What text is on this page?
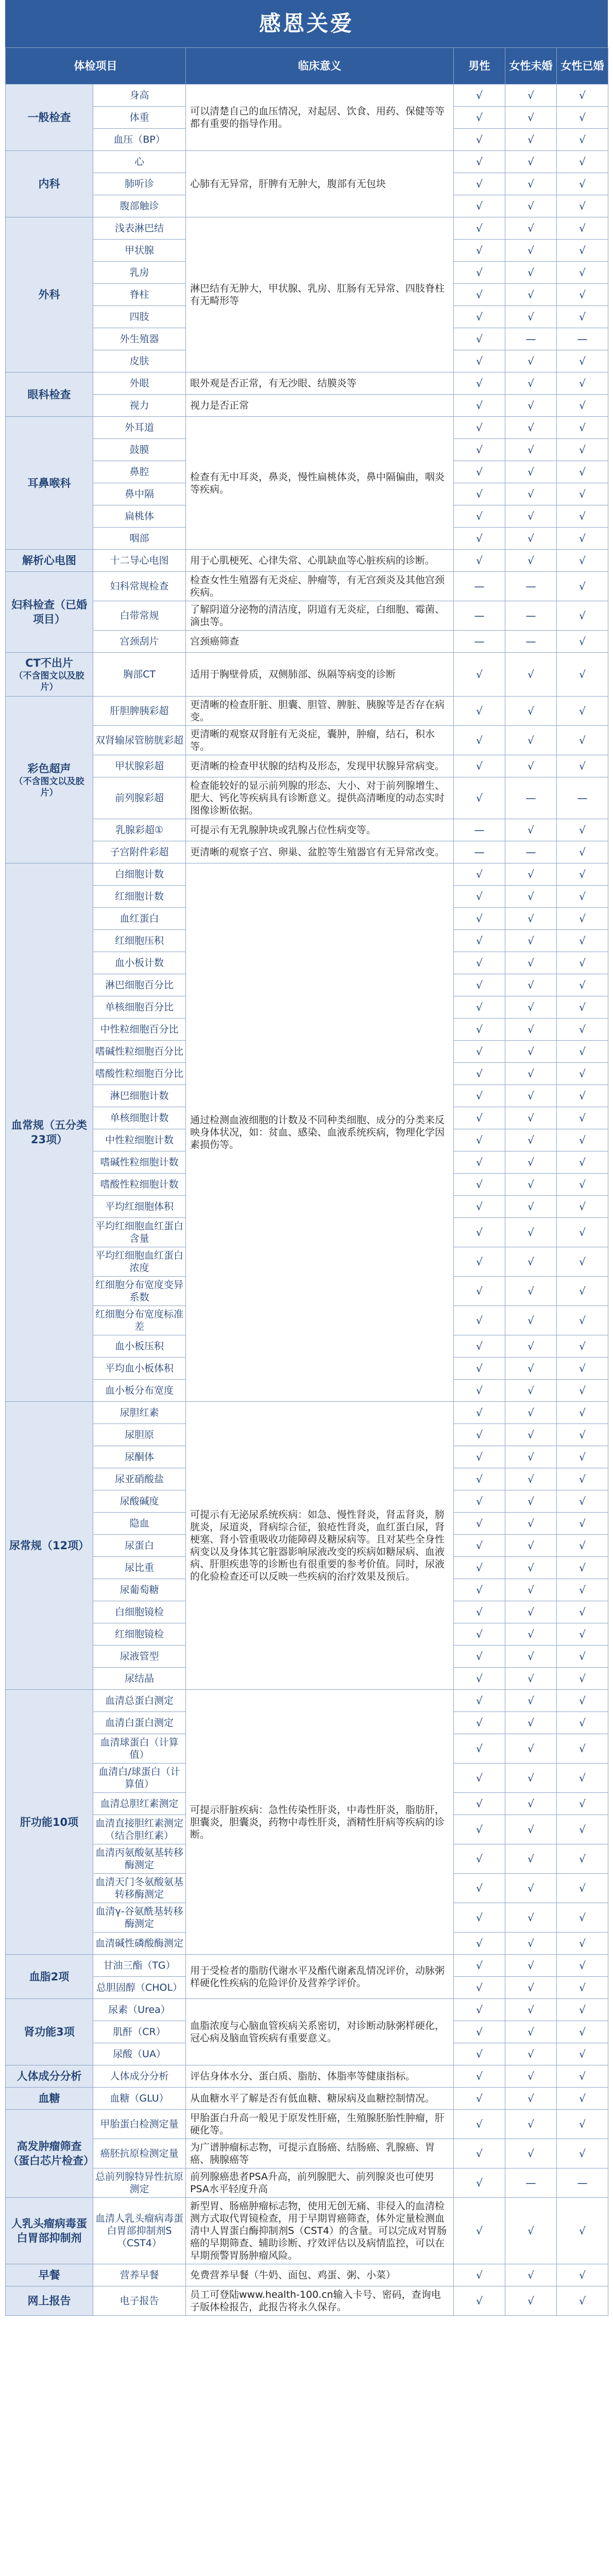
感恩关爱
体检项目		临床意义	男性	女性未婚	女性已婚
一般检查	身高	可以清楚自己的血压情况，对起居、饮食、用药、保健等等都有重要的指导作用。	√	√	√
	体重		√	√	√
	血压（BP）		√	√	√
内科	心	心肺有无异常，肝脾有无肿大，腹部有无包块	√	√	√
	肺听诊		√	√	√
	腹部触诊		√	√	√
外科	浅表淋巴结	淋巴结有无肿大，甲状腺、乳房、肛肠有无异常、四肢脊柱有无畸形等	√	√	√
	甲状腺		√	√	√
	乳房		√	√	√
	脊柱		√	√	√
	四肢		√	√	√
	外生殖器		√	—	—
	皮肤		√	√	√
眼科检查	外眼	眼外观是否正常，有无沙眼、结膜炎等	√	√	√
	视力	视力是否正常	√	√	√
耳鼻喉科	外耳道	检查有无中耳炎，鼻炎，慢性扁桃体炎，鼻中隔偏曲，咽炎等疾病。	√	√	√
	鼓膜		√	√	√
	鼻腔		√	√	√
	鼻中隔		√	√	√
	扁桃体		√	√	√
	咽部		√	√	√
解析心电图	十二导心电图	用于心肌梗死、心律失常、心肌缺血等心脏疾病的诊断。	√	√	√
妇科检查（已婚项目）	妇科常规检查	检查女性生殖器有无炎症、肿瘤等，有无宫颈炎及其他宫颈疾病。	—	—	√
	白带常规	了解阴道分泌物的清洁度，阴道有无炎症，白细胞、霉菌、滴虫等。	—	—	√
	宫颈刮片	宫颈癌筛查	—	—	√
CT不出片
（不含图文以及胶片）	胸部CT	适用于胸壁骨质，双侧肺部、纵隔等病变的诊断	√	√	√
彩色超声
（不含图文以及胶片）	肝胆脾胰彩超	更清晰的检查肝脏、胆囊、胆管、脾脏、胰腺等是否存在病变。	√	√	√
	双肾输尿管膀胱彩超	更清晰的观察双肾脏有无炎症，囊肿，肿瘤，结石，积水等。	√	√	√
	甲状腺彩超	更清晰的检查甲状腺的结构及形态，发现甲状腺异常病变。	√	√	√
	前列腺彩超	检查能较好的显示前列腺的形态、大小、对于前列腺增生、肥大、钙化等疾病具有诊断意义。提供高清晰度的动态实时图像诊断依据。	√	—	—
	乳腺彩超①	可提示有无乳腺肿块或乳腺占位性病变等。	—	√	√
	子宫附件彩超	更清晰的观察子宫、卵巢、盆腔等生殖器官有无异常改变。	—	—	√
血常规（五分类23项）	白细胞计数	通过检测血液细胞的计数及不同种类细胞、成分的分类来反映身体状况，如：贫血、感染、血液系统疾病，物理化学因素损伤等。	√	√	√
	红细胞计数		√	√	√
	血红蛋白		√	√	√
	红细胞压积		√	√	√
	血小板计数		√	√	√
	淋巴细胞百分比		√	√	√
	单核细胞百分比		√	√	√
	中性粒细胞百分比		√	√	√
	嗜碱性粒细胞百分比		√	√	√
	嗜酸性粒细胞百分比		√	√	√
	淋巴细胞计数		√	√	√
	单核细胞计数		√	√	√
	中性粒细胞计数		√	√	√
	嗜碱性粒细胞计数		√	√	√
	嗜酸性粒细胞计数		√	√	√
	平均红细胞体积		√	√	√
	平均红细胞血红蛋白含量		√	√	√
	平均红细胞血红蛋白浓度		√	√	√
	红细胞分布宽度变异系数		√	√	√
	红细胞分布宽度标准差		√	√	√
	血小板压积		√	√	√
	平均血小板体积		√	√	√
	血小板分布宽度		√	√	√
尿常规（12项）	尿胆红素	可提示有无泌尿系统疾病：如急、慢性肾炎，肾盂肾炎，膀胱炎，尿道炎，肾病综合征，狼疮性肾炎，血红蛋白尿，肾梗塞、肾小管重吸收功能障碍及糖尿病等。且对某些全身性病变以及身体其它脏器影响尿液改变的疾病如糖尿病、血液病、肝胆疾患等的诊断也有很重要的参考价值。同时，尿液的化验检查还可以反映一些疾病的治疗效果及预后。	√	√	√
	尿胆原		√	√	√
	尿酮体		√	√	√
	尿亚硝酸盐		√	√	√
	尿酸碱度		√	√	√
	隐血		√	√	√
	尿蛋白		√	√	√
	尿比重		√	√	√
	尿葡萄糖		√	√	√
	白细胞镜检		√	√	√
	红细胞镜检		√	√	√
	尿液管型		√	√	√
	尿结晶		√	√	√
肝功能10项	血清总蛋白测定	可提示肝脏疾病：急性传染性肝炎，中毒性肝炎，脂肪肝，胆囊炎，胆囊炎，药物中毒性肝炎，酒精性肝病等疾病的诊断。	√	√	√
	血清白蛋白测定		√	√	√
	血清球蛋白（计算值）		√	√	√
	血清白/球蛋白（计算值）		√	√	√
	血清总胆红素测定		√	√	√
	血清直接胆红素测定（结合胆红素）		√	√	√
	血清丙氨酸氨基转移酶测定		√	√	√
	血清天门冬氨酸氨基转移酶测定		√	√	√
	血清γ-谷氨酰基转移酶测定		√	√	√
	血清碱性磷酸酶测定		√	√	√
血脂2项	甘油三酯（TG）	用于受检者的脂肪代谢水平及酯代谢紊乱情况评价，动脉粥样硬化性疾病的危险评价及营养学评价。	√	√	√
	总胆固醇（CHOL）		√	√	√
肾功能3项	尿素（Urea）	血脂浓度与心脑血管疾病关系密切，对诊断动脉粥样硬化，冠心病及脑血管疾病有重要意义。	√	√	√
	肌酐（CR）		√	√	√
	尿酸（UA）		√	√	√
人体成分分析	人体成分分析	评估身体水分、蛋白质、脂肪、体脂率等健康指标。	√	√	√
血糖	血糖（GLU）	从血糖水平了解是否有低血糖、糖尿病及血糖控制情况。	√	√	√
高发肿瘤筛查（蛋白芯片检查）	甲胎蛋白检测定量	甲胎蛋白升高一般见于原发性肝癌，生殖腺胚胎性肿瘤，肝硬化等。	√	√	√
	癌胚抗原检测定量	为广谱肿瘤标志物，可提示直肠癌、结肠癌、乳腺癌、胃癌、胰腺癌等	√	√	√
	总前列腺特异性抗原测定	前列腺癌患者PSA升高，前列腺肥大、前列腺炎也可使男PSA水平轻度升高	√	—	—
人乳头瘤病毒蛋白胃部抑制剂	血清人乳头瘤病毒蛋白胃部抑制剂S（CST4）	新型胃、肠癌肿瘤标志物，使用无创无痛、非侵入的血清检测方式取代胃镜检查，用于早期胃癌筛查，体外定量检测血清中人胃蛋白酶抑制剂S（CST4）的含量。可以完成对胃肠癌的早期筛查、辅助诊断、疗效评估以及病情监控，可以在早期预警胃肠肿瘤风险。	√	√	√
早餐	营养早餐	免费营养早餐（牛奶、面包、鸡蛋、粥、小菜）	√	√	√
网上报告	电子报告	员工可登陆www.health-100.cn输入卡号、密码，查询电子版体检报告，此报告将永久保存。	√	√	√
